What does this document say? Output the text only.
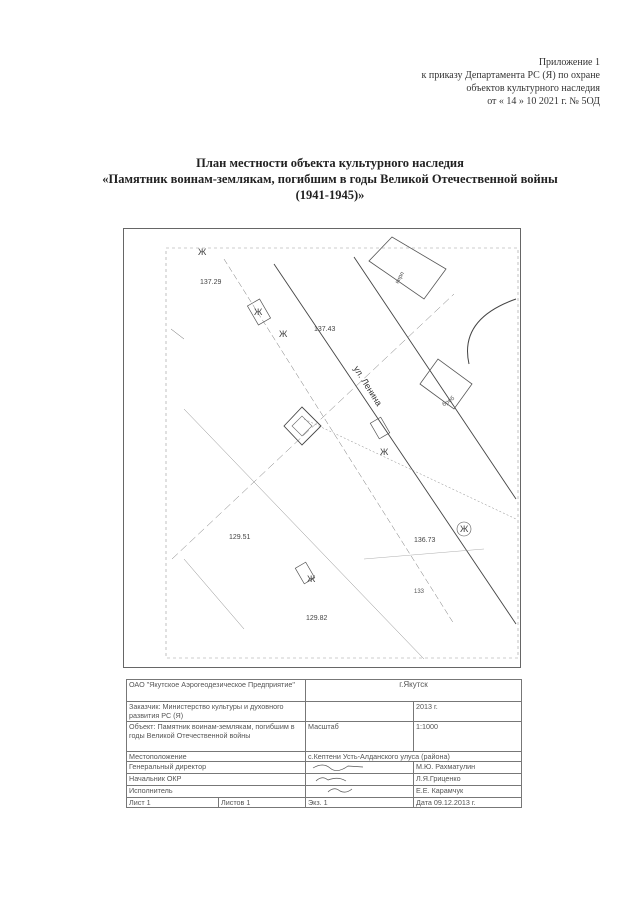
Приложение 1
к приказу Департамента РС (Я) по охране
объектов культурного наследия
от « 14 » 10 2021 г. № 5ОД
План местности объекта культурного наследия
«Памятник воинам-землякам, погибшим в годы Великой Отечественной войны
(1941-1945)»
137.29
137.43
129.51	136.73
129.82
ул. Ленина
кирп
бреб
133
Ж
Ж
Ж
Ж
Ж
Ж
ОАО "Якутское Аэрогеодезическое Предприятие"		г.Якутск	
Заказчик: Министерство культуры и духовного развития РС (Я)			2013 г.
Объект: Памятник воинам-землякам, погибшим в годы Великой Отечественной войны		Масштаб	1:1000
Местоположение		с.Кептени Усть-Алданского улуса (района)	
Генеральный директор			М.Ю. Рахматулин
Начальник ОКР			Л.Я.Гриценко
Исполнитель			Е.Е. Карамчук
Лист 1	Листов 1	Экз. 1	Дата 09.12.2013 г.
